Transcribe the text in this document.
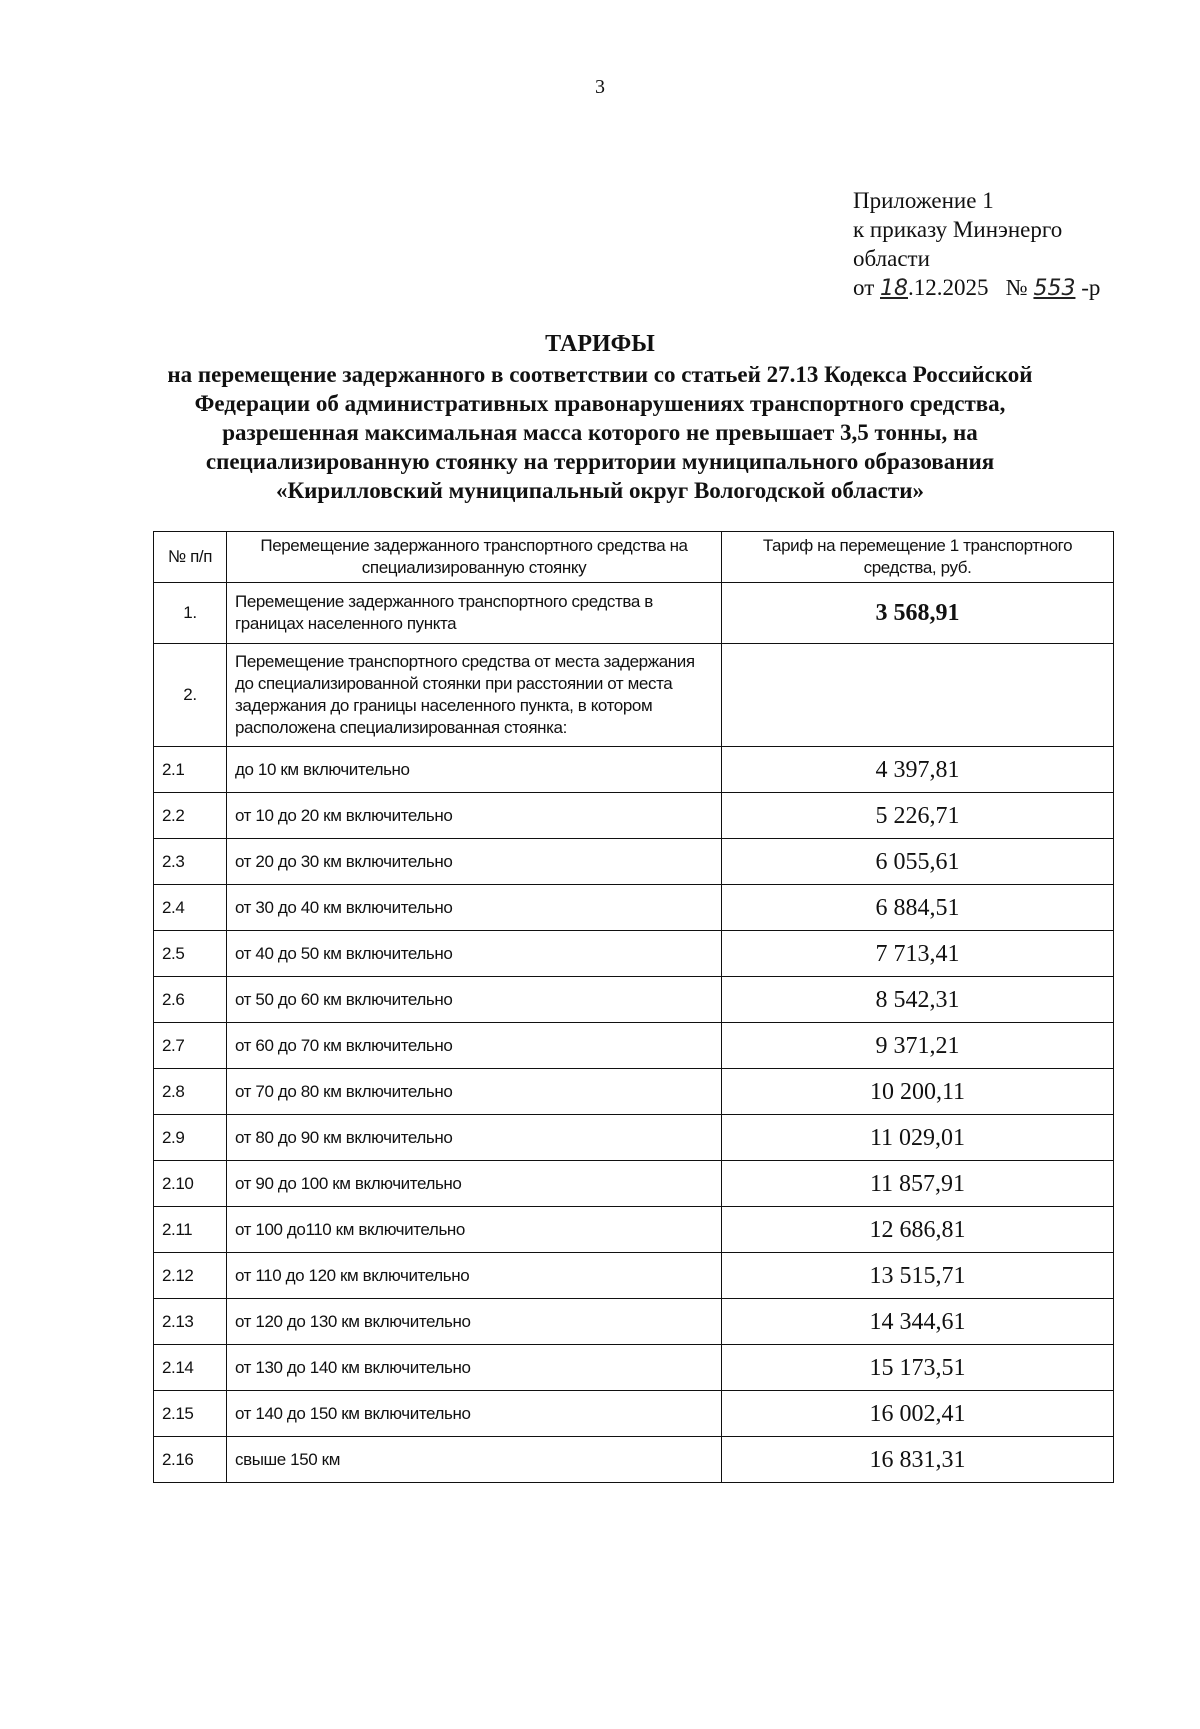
3
Приложение 1
к приказу Минэнерго
области
от 18.12.2025 № 553 -р
ТАРИФЫ
на перемещение задержанного в соответствии со статьей 27.13 Кодекса Российской
Федерации об административных правонарушениях транспортного средства,
разрешенная максимальная масса которого не превышает 3,5 тонны, на
специализированную стоянку на территории муниципального образования
«Кирилловский муниципальный округ Вологодской области»
№ п/п	Перемещение задержанного транспортного средства на специализированную стоянку	Тариф на перемещение 1 транспортного средства, руб.
1.	Перемещение задержанного транспортного средства в границах населенного пункта	3 568,91
2.	Перемещение транспортного средства от места задержания до специализированной стоянки при расстоянии от места задержания до границы населенного пункта, в котором расположена специализированная стоянка:	
2.1	до 10 км включительно	4 397,81
2.2	от 10 до 20 км включительно	5 226,71
2.3	от 20 до 30 км включительно	6 055,61
2.4	от 30 до 40 км включительно	6 884,51
2.5	от 40 до 50 км включительно	7 713,41
2.6	от 50 до 60 км включительно	8 542,31
2.7	от 60 до 70 км включительно	9 371,21
2.8	от 70 до 80 км включительно	10 200,11
2.9	от 80 до 90 км включительно	11 029,01
2.10	от 90 до 100 км включительно	11 857,91
2.11	от 100 до110 км включительно	12 686,81
2.12	от 110 до 120 км включительно	13 515,71
2.13	от 120 до 130 км включительно	14 344,61
2.14	от 130 до 140 км включительно	15 173,51
2.15	от 140 до 150 км включительно	16 002,41
2.16	свыше 150 км	16 831,31
